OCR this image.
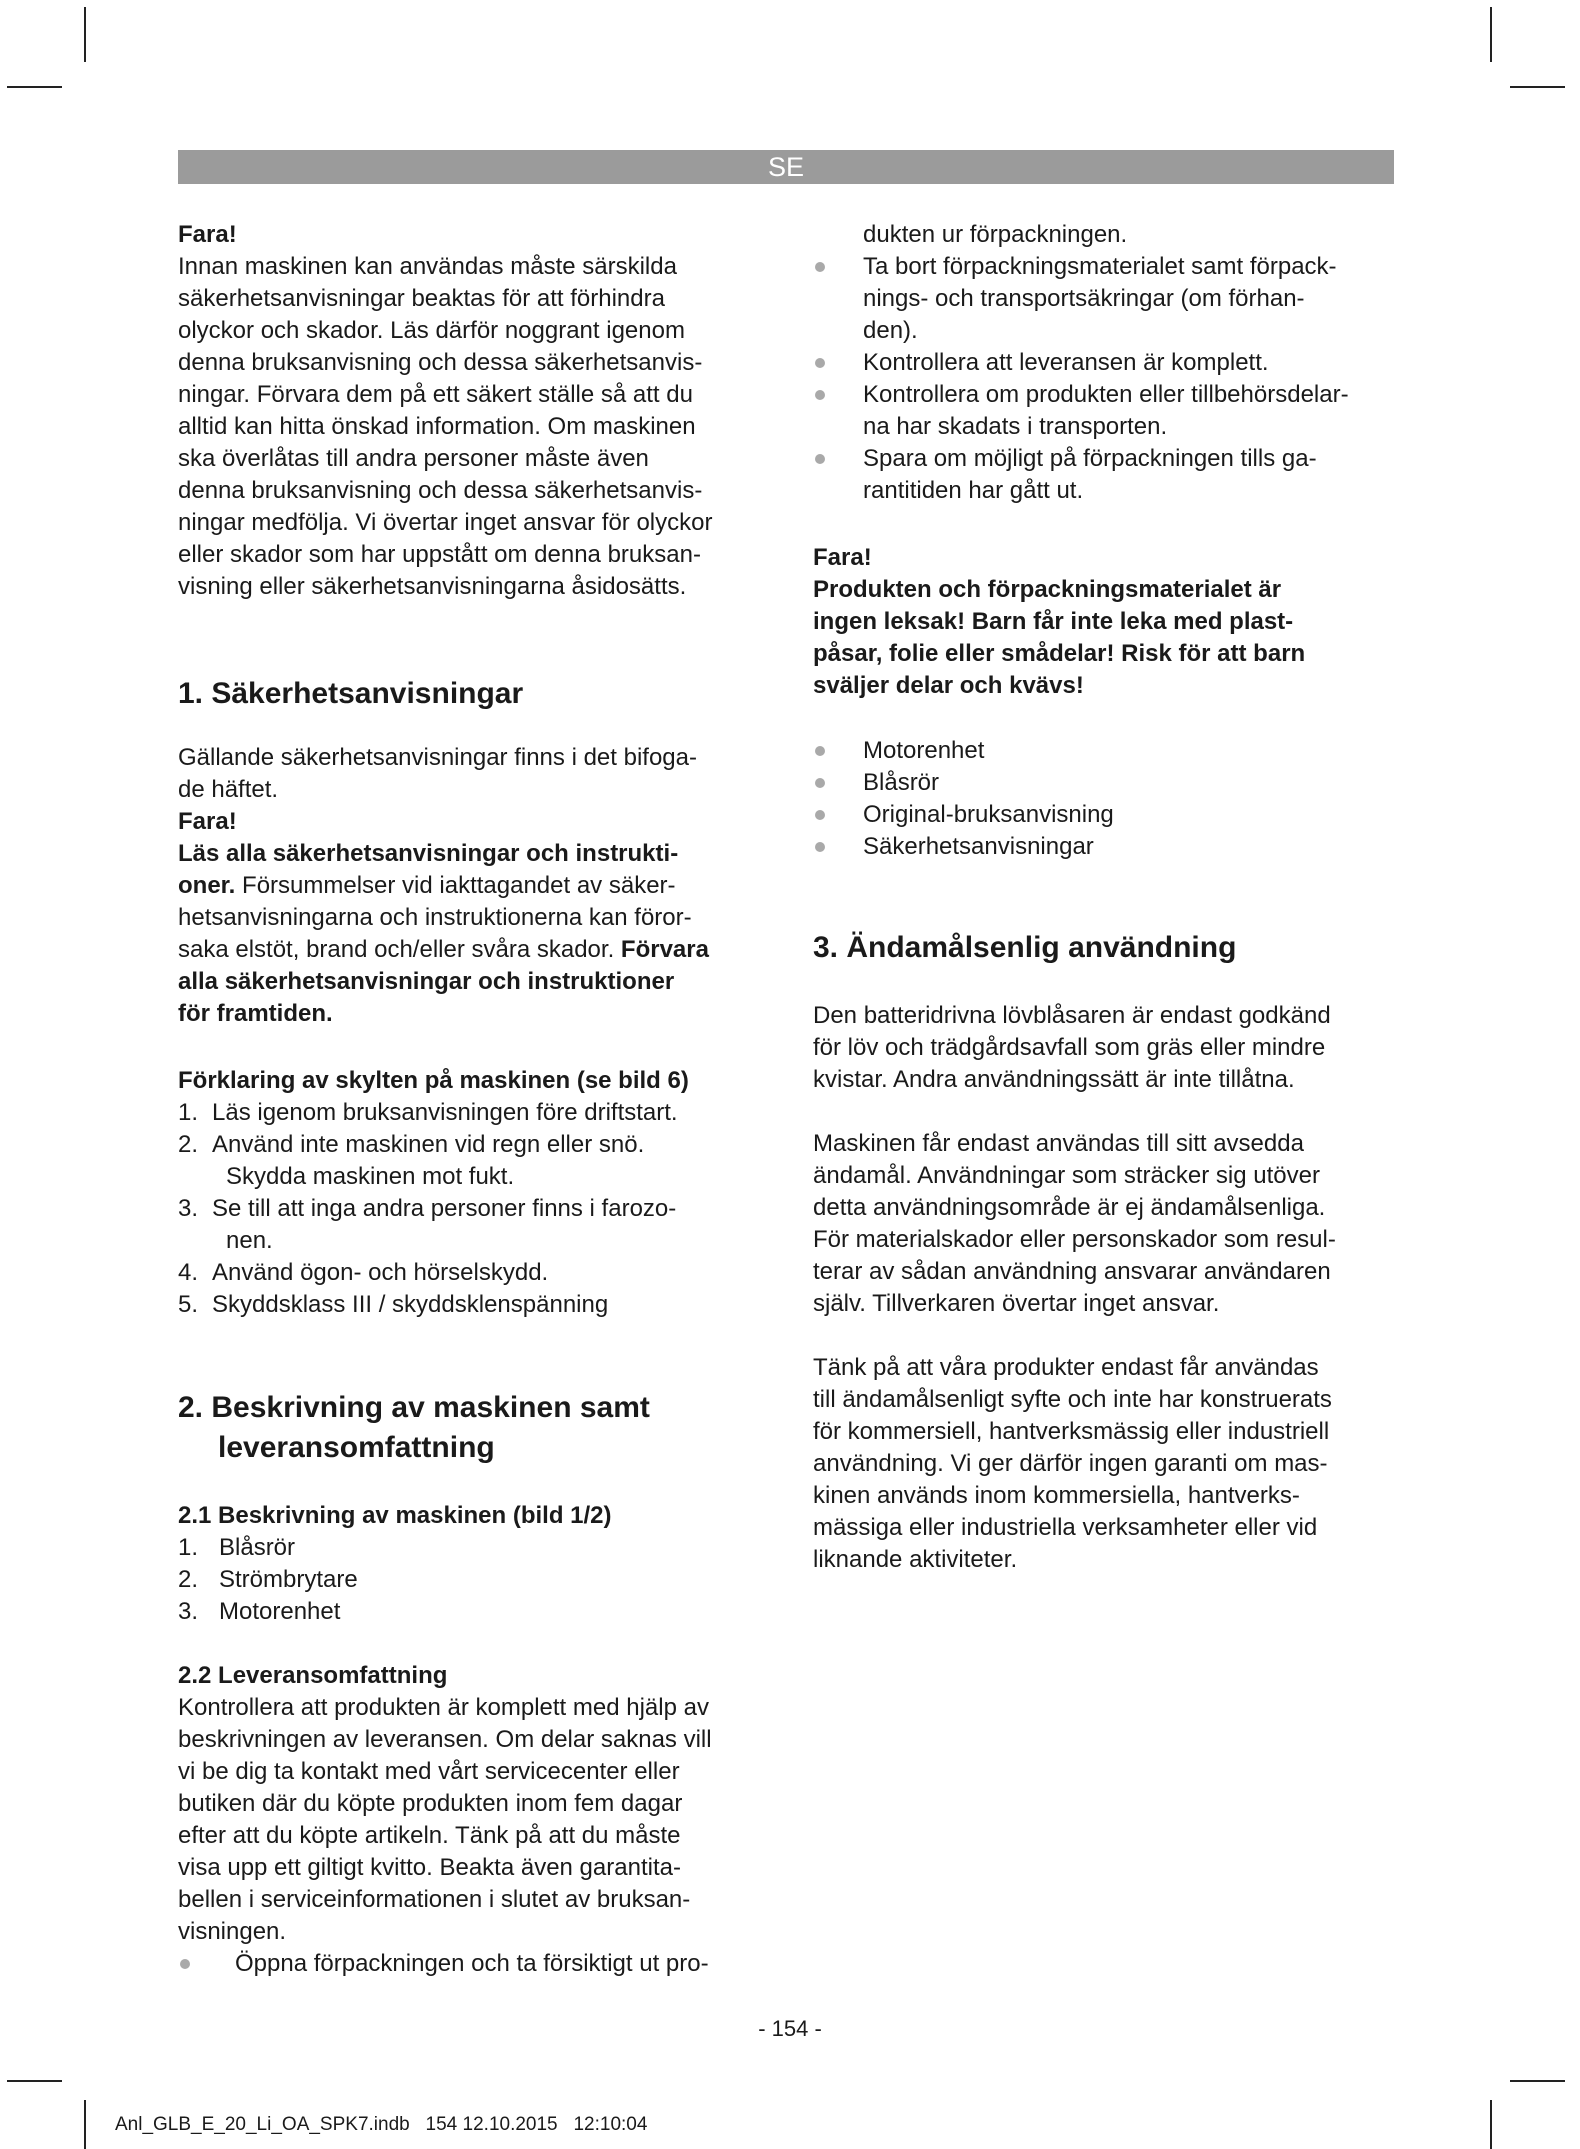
SE
Fara!
Innan maskinen kan användas måste särskilda
säkerhetsanvisningar beaktas för att förhindra
olyckor och skador. Läs därför noggrant igenom
denna bruksanvisning och dessa säkerhetsanvis-
ningar. Förvara dem på ett säkert ställe så att du
alltid kan hitta önskad information. Om maskinen
ska överlåtas till andra personer måste även
denna bruksanvisning och dessa säkerhetsanvis-
ningar medfölja. Vi övertar inget ansvar för olyckor
eller skador som har uppstått om denna bruksan-
visning eller säkerhetsanvisningarna åsidosätts.
1. Säkerhetsanvisningar
Gällande säkerhetsanvisningar finns i det bifoga-
de häftet.
Fara!
Läs alla säkerhetsanvisningar och instrukti-
oner. Försummelser vid iakttagandet av säker-
hetsanvisningarna och instruktionerna kan föror-
saka elstöt, brand och/eller svåra skador. Förvara
alla säkerhetsanvisningar och instruktioner
för framtiden.
Förklaring av skylten på maskinen (se bild 6)
1. Läs igenom bruksanvisningen före driftstart.
2. Använd inte maskinen vid regn eller snö.
Skydda maskinen mot fukt.
3. Se till att inga andra personer finns i farozo-
nen.
4. Använd ögon- och hörselskydd.
5. Skyddsklass III / skyddsklenspänning
2. Beskrivning av maskinen samt
leveransomfattning
2.1 Beskrivning av maskinen (bild 1/2)
1. Blåsrör
2. Strömbrytare
3. Motorenhet
2.2 Leveransomfattning
Kontrollera att produkten är komplett med hjälp av
beskrivningen av leveransen. Om delar saknas vill
vi be dig ta kontakt med vårt servicecenter eller
butiken där du köpte produkten inom fem dagar
efter att du köpte artikeln. Tänk på att du måste
visa upp ett giltigt kvitto. Beakta även garantita-
bellen i serviceinformationen i slutet av bruksan-
visningen.
Öppna förpackningen och ta försiktigt ut pro-
dukten ur förpackningen.
Ta bort förpackningsmaterialet samt förpack-
nings- och transportsäkringar (om förhan-
den).
Kontrollera att leveransen är komplett.
Kontrollera om produkten eller tillbehörsdelar-
na har skadats i transporten.
Spara om möjligt på förpackningen tills ga-
rantitiden har gått ut.
Fara!
Produkten och förpackningsmaterialet är
ingen leksak! Barn får inte leka med plast-
påsar, folie eller smådelar! Risk för att barn
sväljer delar och kvävs!
Motorenhet
Blåsrör
Original-bruksanvisning
Säkerhetsanvisningar
3. Ändamålsenlig användning
Den batteridrivna lövblåsaren är endast godkänd
för löv och trädgårdsavfall som gräs eller mindre
kvistar. Andra användningssätt är inte tillåtna.
Maskinen får endast användas till sitt avsedda
ändamål. Användningar som sträcker sig utöver
detta användningsområde är ej ändamålsenliga.
För materialskador eller personskador som resul-
terar av sådan användning ansvarar användaren
själv. Tillverkaren övertar inget ansvar.
Tänk på att våra produkter endast får användas
till ändamålsenligt syfte och inte har konstruerats
för kommersiell, hantverksmässig eller industriell
användning. Vi ger därför ingen garanti om mas-
kinen används inom kommersiella, hantverks-
mässiga eller industriella verksamheter eller vid
liknande aktiviteter.
- 154 -
Anl_GLB_E_20_Li_OA_SPK7.indb   154 12.10.2015   12:10:04
